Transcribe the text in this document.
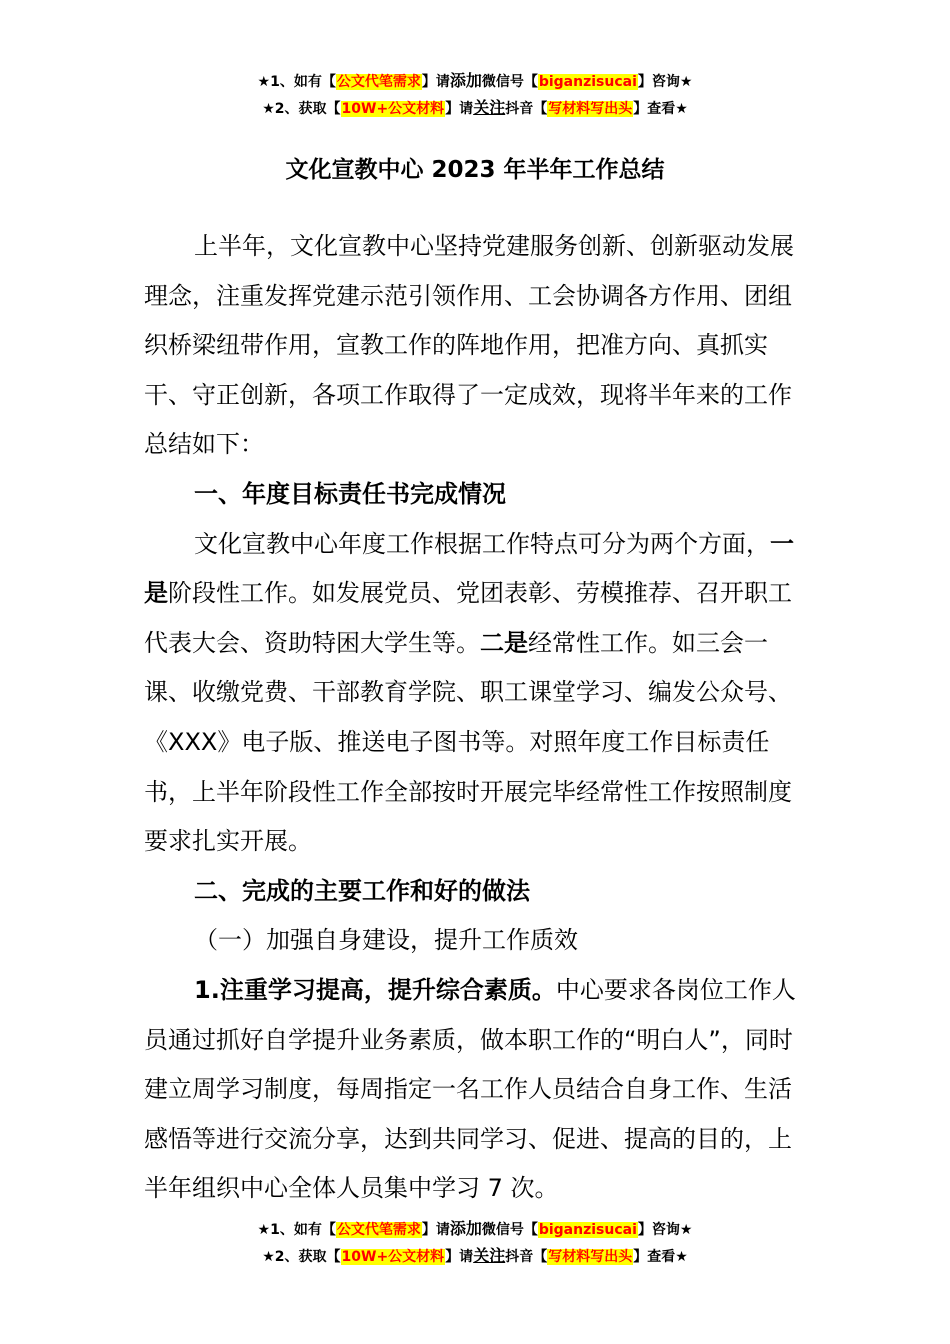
★1、如有【公文代笔需求】请添加微信号【biganzisucai】咨询★
★2、获取【10W+公文材料】请关注抖音【写材料写出头】查看★
文化宣教中心 2023 年半年工作总结

上半年，文化宣教中心坚持党建服务创新、创新驱动发展理念，注重发挥党建示范引领作用、工会协调各方作用、团组织桥梁纽带作用，宣教工作的阵地作用，把准方向、真抓实干、守正创新，各项工作取得了一定成效，现将半年来的工作总结如下：

一、年度目标责任书完成情况

文化宣教中心年度工作根据工作特点可分为两个方面，一是阶段性工作。如发展党员、党团表彰、劳模推荐、召开职工代表大会、资助特困大学生等。二是经常性工作。如三会一课、收缴党费、干部教育学院、职工课堂学习、编发公众号、《XXX》电子版、推送电子图书等。对照年度工作目标责任书，上半年阶段性工作全部按时开展完毕经常性工作按照制度要求扎实开展。

二、完成的主要工作和好的做法

（一）加强自身建设，提升工作质效

1.注重学习提高，提升综合素质。中心要求各岗位工作人员通过抓好自学提升业务素质，做本职工作的“明白人”，同时建立周学习制度，每周指定一名工作人员结合自身工作、生活感悟等进行交流分享，达到共同学习、促进、提高的目的，上半年组织中心全体人员集中学习 7 次。

★1、如有【公文代笔需求】请添加微信号【biganzisucai】咨询★
★2、获取【10W+公文材料】请关注抖音【写材料写出头】查看★
